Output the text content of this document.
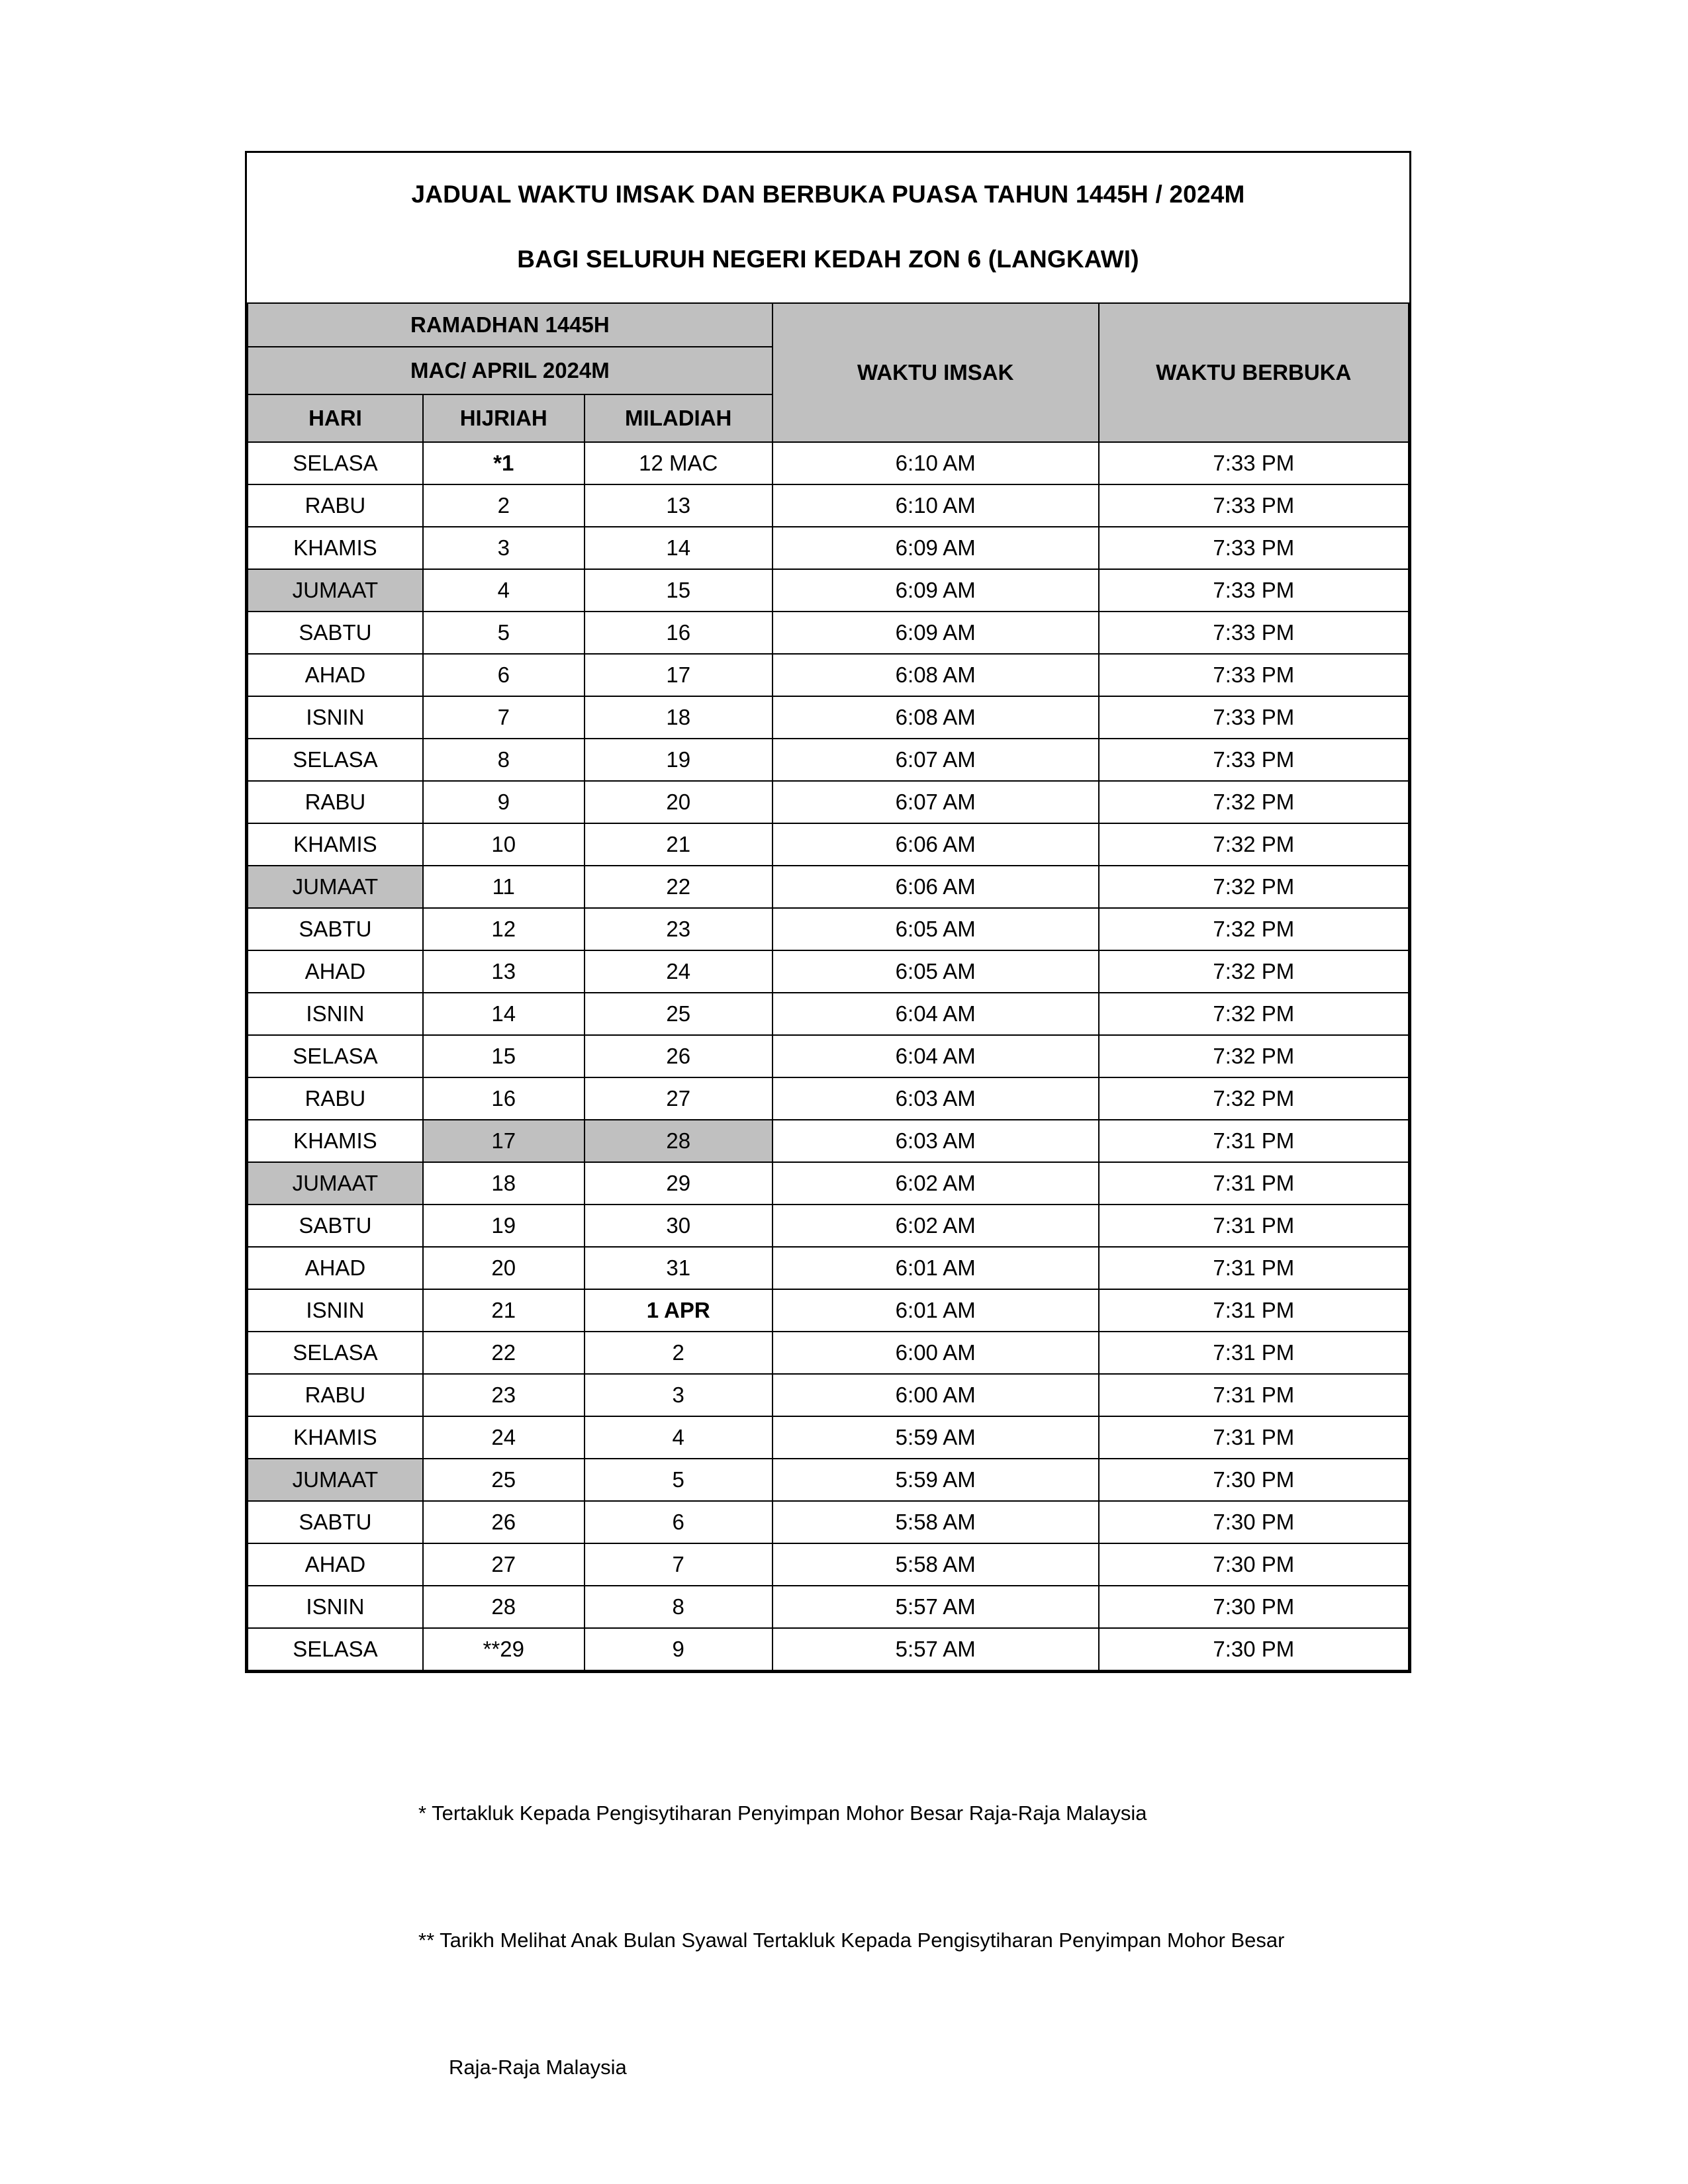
JADUAL WAKTU IMSAK DAN BERBUKA PUASA TAHUN 1445H / 2024M
BAGI SELURUH NEGERI KEDAH ZON 6 (LANGKAWI)
RAMADHAN 1445H			WAKTU IMSAK	WAKTU BERBUKA
MAC/ APRIL 2024M				
HARI	HIJRIAH	MILADIAH		
SELASA	*1	12 MAC	6:10 AM	7:33 PM
RABU	2	13	6:10 AM	7:33 PM
KHAMIS	3	14	6:09 AM	7:33 PM
JUMAAT	4	15	6:09 AM	7:33 PM
SABTU	5	16	6:09 AM	7:33 PM
AHAD	6	17	6:08 AM	7:33 PM
ISNIN	7	18	6:08 AM	7:33 PM
SELASA	8	19	6:07 AM	7:33 PM
RABU	9	20	6:07 AM	7:32 PM
KHAMIS	10	21	6:06 AM	7:32 PM
JUMAAT	11	22	6:06 AM	7:32 PM
SABTU	12	23	6:05 AM	7:32 PM
AHAD	13	24	6:05 AM	7:32 PM
ISNIN	14	25	6:04 AM	7:32 PM
SELASA	15	26	6:04 AM	7:32 PM
RABU	16	27	6:03 AM	7:32 PM
KHAMIS	17	28	6:03 AM	7:31 PM
JUMAAT	18	29	6:02 AM	7:31 PM
SABTU	19	30	6:02 AM	7:31 PM
AHAD	20	31	6:01 AM	7:31 PM
ISNIN	21	1 APR	6:01 AM	7:31 PM
SELASA	22	2	6:00 AM	7:31 PM
RABU	23	3	6:00 AM	7:31 PM
KHAMIS	24	4	5:59 AM	7:31 PM
JUMAAT	25	5	5:59 AM	7:30 PM
SABTU	26	6	5:58 AM	7:30 PM
AHAD	27	7	5:58 AM	7:30 PM
ISNIN	28	8	5:57 AM	7:30 PM
SELASA	**29	9	5:57 AM	7:30 PM

* Tertakluk Kepada Pengisytiharan Penyimpan Mohor Besar Raja-Raja Malaysia

** Tarikh Melihat Anak Bulan Syawal Tertakluk Kepada Pengisytiharan Penyimpan Mohor Besar

Raja-Raja Malaysia
